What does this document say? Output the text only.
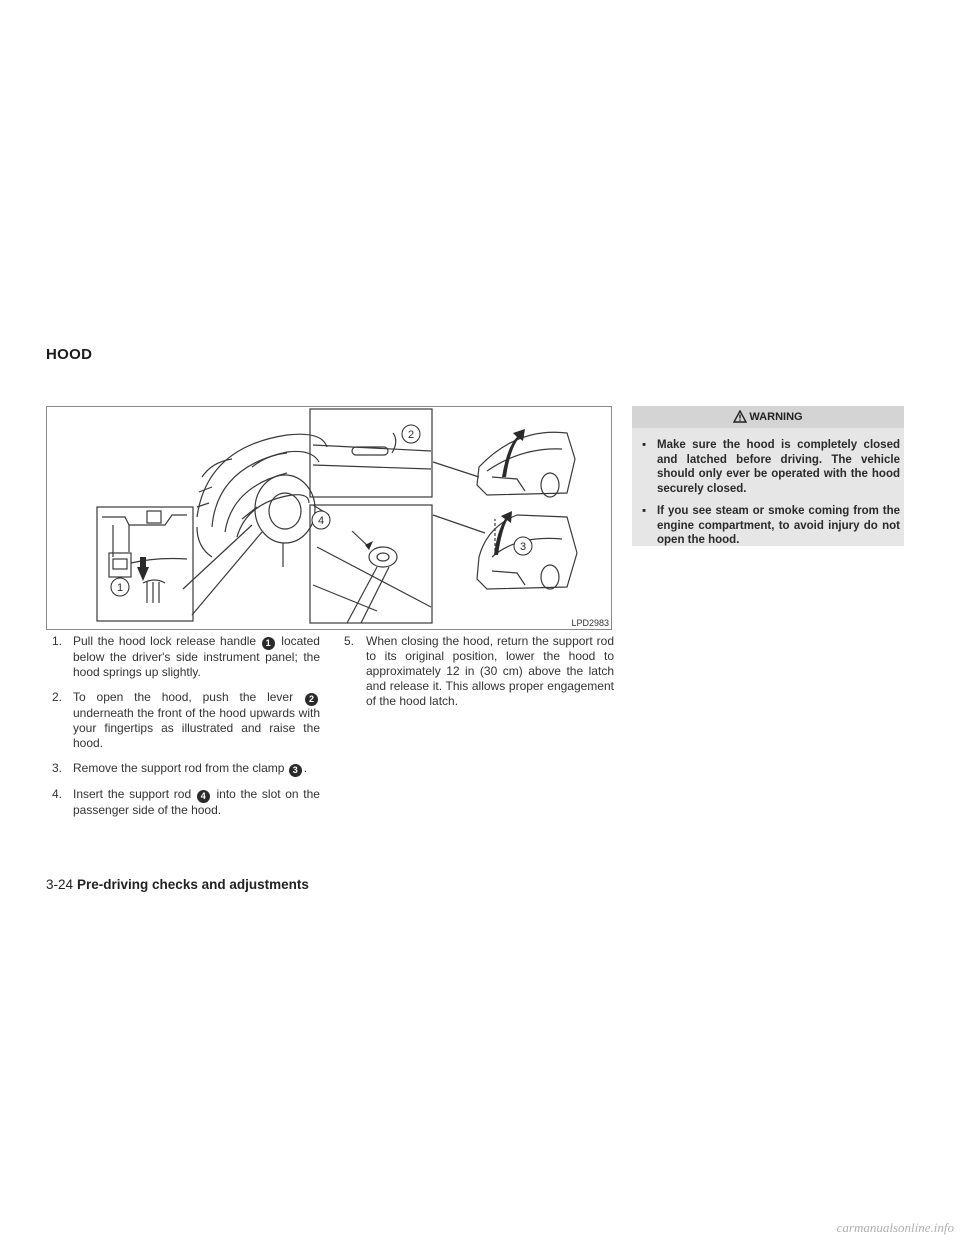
HOOD
1
2
3
4
LPD2983
1. Pull the hood lock release handle 1 located below the driver's side instrument panel; the hood springs up slightly.
2. To open the hood, push the lever 2 underneath the front of the hood upwards with your fingertips as illustrated and raise the hood.
3. Remove the support rod from the clamp 3 .
4. Insert the support rod 4 into the slot on the passenger side of the hood.
5. When closing the hood, return the support rod to its original position, lower the hood to approximately 12 in (30 cm) above the latch and release it. This allows proper engagement of the hood latch.
WARNING
▪ Make sure the hood is completely closed and latched before driving. The vehicle should only ever be operated with the hood securely closed.
▪ If you see steam or smoke coming from the engine compartment, to avoid injury do not open the hood.
3-24 Pre-driving checks and adjustments
carmanualsonline.info
